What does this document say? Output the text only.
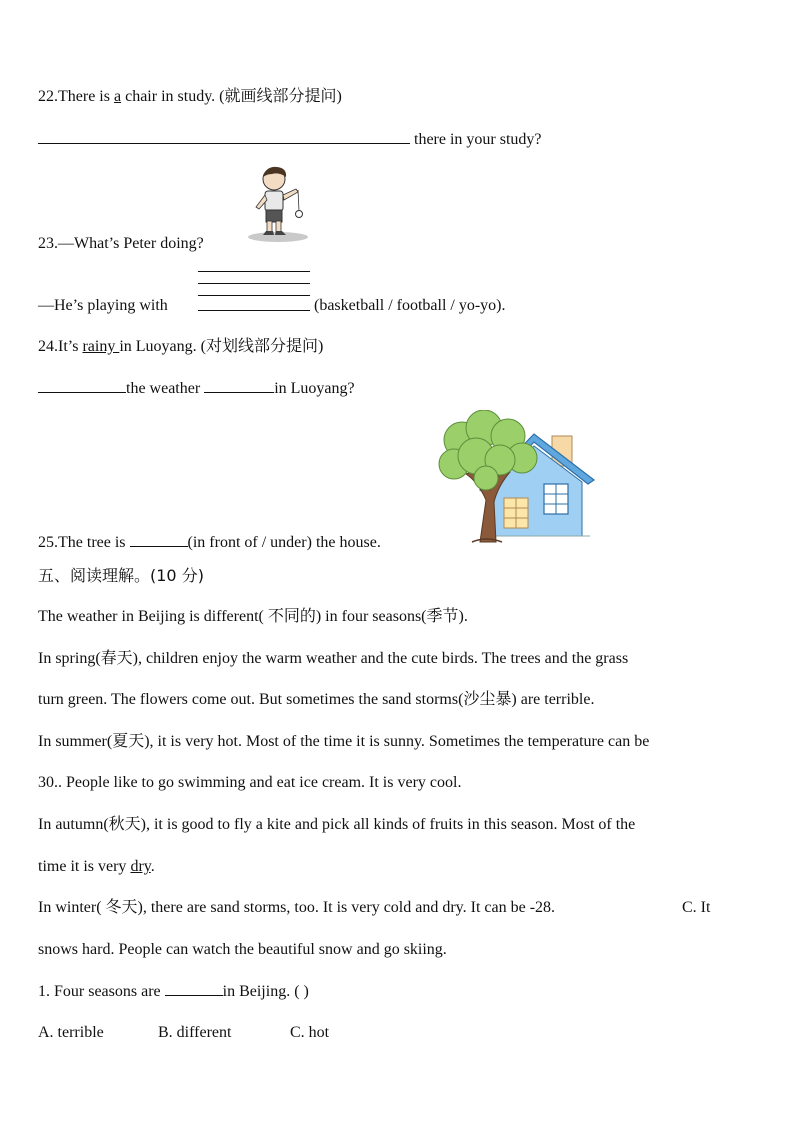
22.There is a chair in study. (就画线部分提问)
there in your study?
23.—What’s Peter doing?
—He’s playing with	(basketball / football / yo-yo).
24.It’s rainy in Luoyang. (对划线部分提问)
the weather	in Luoyang?
25.The tree is	(in front of / under) the house.
五、阅读理解。(10 分)
The weather in Beijing is different( 不同的) in four seasons(季节).
In spring(春天), children enjoy the warm weather and the cute birds. The trees and the grass
turn green. The flowers come out. But sometimes the sand storms(沙尘暴) are terrible.
In summer(夏天), it is very hot. Most of the time it is sunny. Sometimes the temperature can be
30.. People like to go swimming and eat ice cream. It is very cool.
In autumn(秋天), it is good to fly a kite and pick all kinds of fruits in this season. Most of the
time it is very dry.
In winter( 冬天), there are sand storms, too. It is very cold and dry. It can be -28.	C. It
snows hard. People can watch the beautiful snow and go skiing.
1. Four seasons are	in Beijing. ( )
A. terrible	B. different	C. hot
